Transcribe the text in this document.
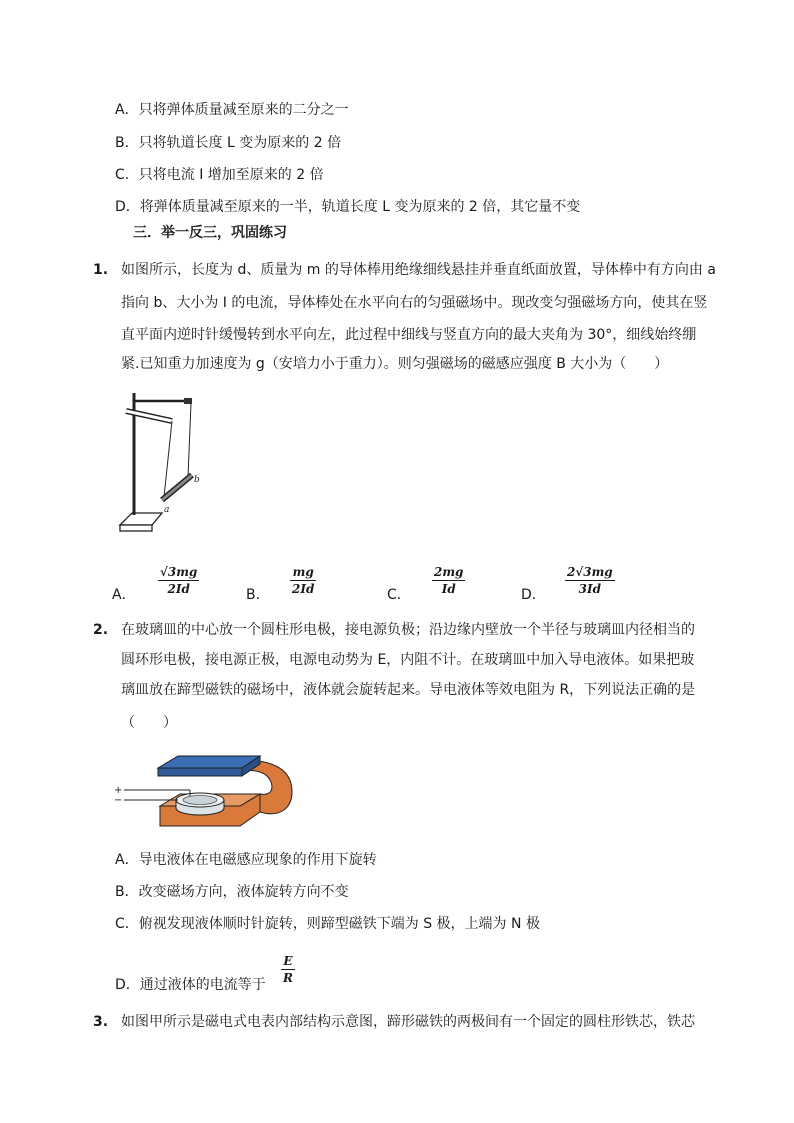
A．只将弹体质量减至原来的二分之一
B．只将轨道长度 L 变为原来的 2 倍
C．只将电流 I 增加至原来的 2 倍
D．将弹体质量减至原来的一半，轨道长度 L 变为原来的 2 倍，其它量不变
三．举一反三，巩固练习
1. 如图所示，长度为 d、质量为 m 的导体棒用绝缘细线悬挂并垂直纸面放置，导体棒中有方向由 a
指向 b、大小为 I 的电流，导体棒处在水平向右的匀强磁场中。现改变匀强磁场方向，使其在竖
直平面内逆时针缓慢转到水平向左，此过程中细线与竖直方向的最大夹角为 30°，细线始终绷
紧.已知重力加速度为 g（安培力小于重力）。则匀强磁场的磁感应强度 B 大小为（　　）
a
b
A．
√3mg
2Id	B．
mg
2Id	C．
2mg
Id	D．
2√3mg
3Id
2. 在玻璃皿的中心放一个圆柱形电极，接电源负极；沿边缘内壁放一个半径与玻璃皿内径相当的
圆环形电极，接电源正极，电源电动势为 E，内阻不计。在玻璃皿中加入导电液体。如果把玻
璃皿放在蹄型磁铁的磁场中，液体就会旋转起来。导电液体等效电阻为 R，下列说法正确的是
（　　）
+
−
A．导电液体在电磁感应现象的作用下旋转
B．改变磁场方向，液体旋转方向不变
C．俯视发现液体顺时针旋转，则蹄型磁铁下端为 S 极，上端为 N 极
D．通过液体的电流等于
E
R
3. 如图甲所示是磁电式电表内部结构示意图，蹄形磁铁的两极间有一个固定的圆柱形铁芯，铁芯
